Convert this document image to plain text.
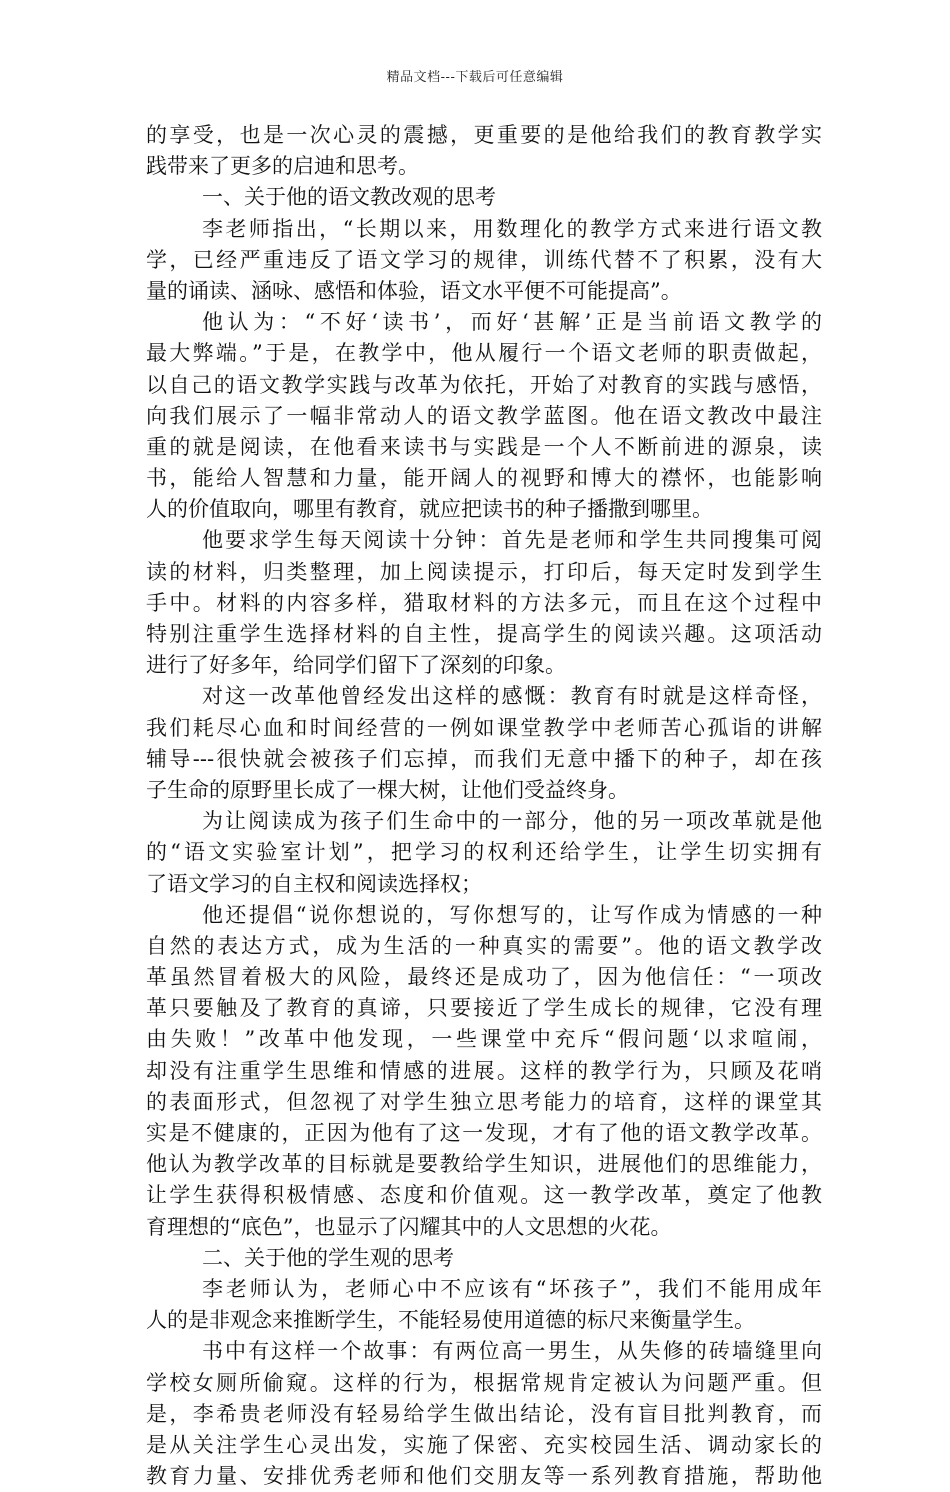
精品文档---下载后可任意编辑
的享受，也是一次心灵的震撼，更重要的是他给我们的教育教学实
践带来了更多的启迪和思考。
一、关于他的语文教改观的思考
李老师指出，“长期以来，用数理化的教学方式来进行语文教
学，已经严重违反了语文学习的规律，训练代替不了积累，没有大
量的诵读、涵咏、感悟和体验，语文水平便不可能提高”。
他认为：“不好‘读书’，而好‘甚解’正是当前语文教学的
最大弊端。”于是，在教学中，他从履行一个语文老师的职责做起，
以自己的语文教学实践与改革为依托，开始了对教育的实践与感悟，
向我们展示了一幅非常动人的语文教学蓝图。他在语文教改中最注
重的就是阅读，在他看来读书与实践是一个人不断前进的源泉，读
书，能给人智慧和力量，能开阔人的视野和博大的襟怀，也能影响
人的价值取向，哪里有教育，就应把读书的种子播撒到哪里。
他要求学生每天阅读十分钟：首先是老师和学生共同搜集可阅
读的材料，归类整理，加上阅读提示，打印后，每天定时发到学生
手中。材料的内容多样，猎取材料的方法多元，而且在这个过程中
特别注重学生选择材料的自主性，提高学生的阅读兴趣。这项活动
进行了好多年，给同学们留下了深刻的印象。
对这一改革他曾经发出这样的感慨：教育有时就是这样奇怪，
我们耗尽心血和时间经营的一例如课堂教学中老师苦心孤诣的讲解
辅导---很快就会被孩子们忘掉，而我们无意中播下的种子，却在孩
子生命的原野里长成了一棵大树，让他们受益终身。
为让阅读成为孩子们生命中的一部分，他的另一项改革就是他
的“语文实验室计划”，把学习的权利还给学生，让学生切实拥有
了语文学习的自主权和阅读选择权；
他还提倡“说你想说的，写你想写的，让写作成为情感的一种
自然的表达方式，成为生活的一种真实的需要”。他的语文教学改
革虽然冒着极大的风险，最终还是成功了，因为他信任：“一项改
革只要触及了教育的真谛，只要接近了学生成长的规律，它没有理
由失败！”改革中他发现，一些课堂中充斥“假问题‘以求喧闹，
却没有注重学生思维和情感的进展。这样的教学行为，只顾及花哨
的表面形式，但忽视了对学生独立思考能力的培育，这样的课堂其
实是不健康的，正因为他有了这一发现，才有了他的语文教学改革。
他认为教学改革的目标就是要教给学生知识，进展他们的思维能力，
让学生获得积极情感、态度和价值观。这一教学改革，奠定了他教
育理想的“底色”，也显示了闪耀其中的人文思想的火花。
二、关于他的学生观的思考
李老师认为，老师心中不应该有“坏孩子”，我们不能用成年
人的是非观念来推断学生，不能轻易使用道德的标尺来衡量学生。
书中有这样一个故事：有两位高一男生，从失修的砖墙缝里向
学校女厕所偷窥。这样的行为，根据常规肯定被认为问题严重。但
是，李希贵老师没有轻易给学生做出结论，没有盲目批判教育，而
是从关注学生心灵出发，实施了保密、充实校园生活、调动家长的
教育力量、安排优秀老师和他们交朋友等一系列教育措施，帮助他
